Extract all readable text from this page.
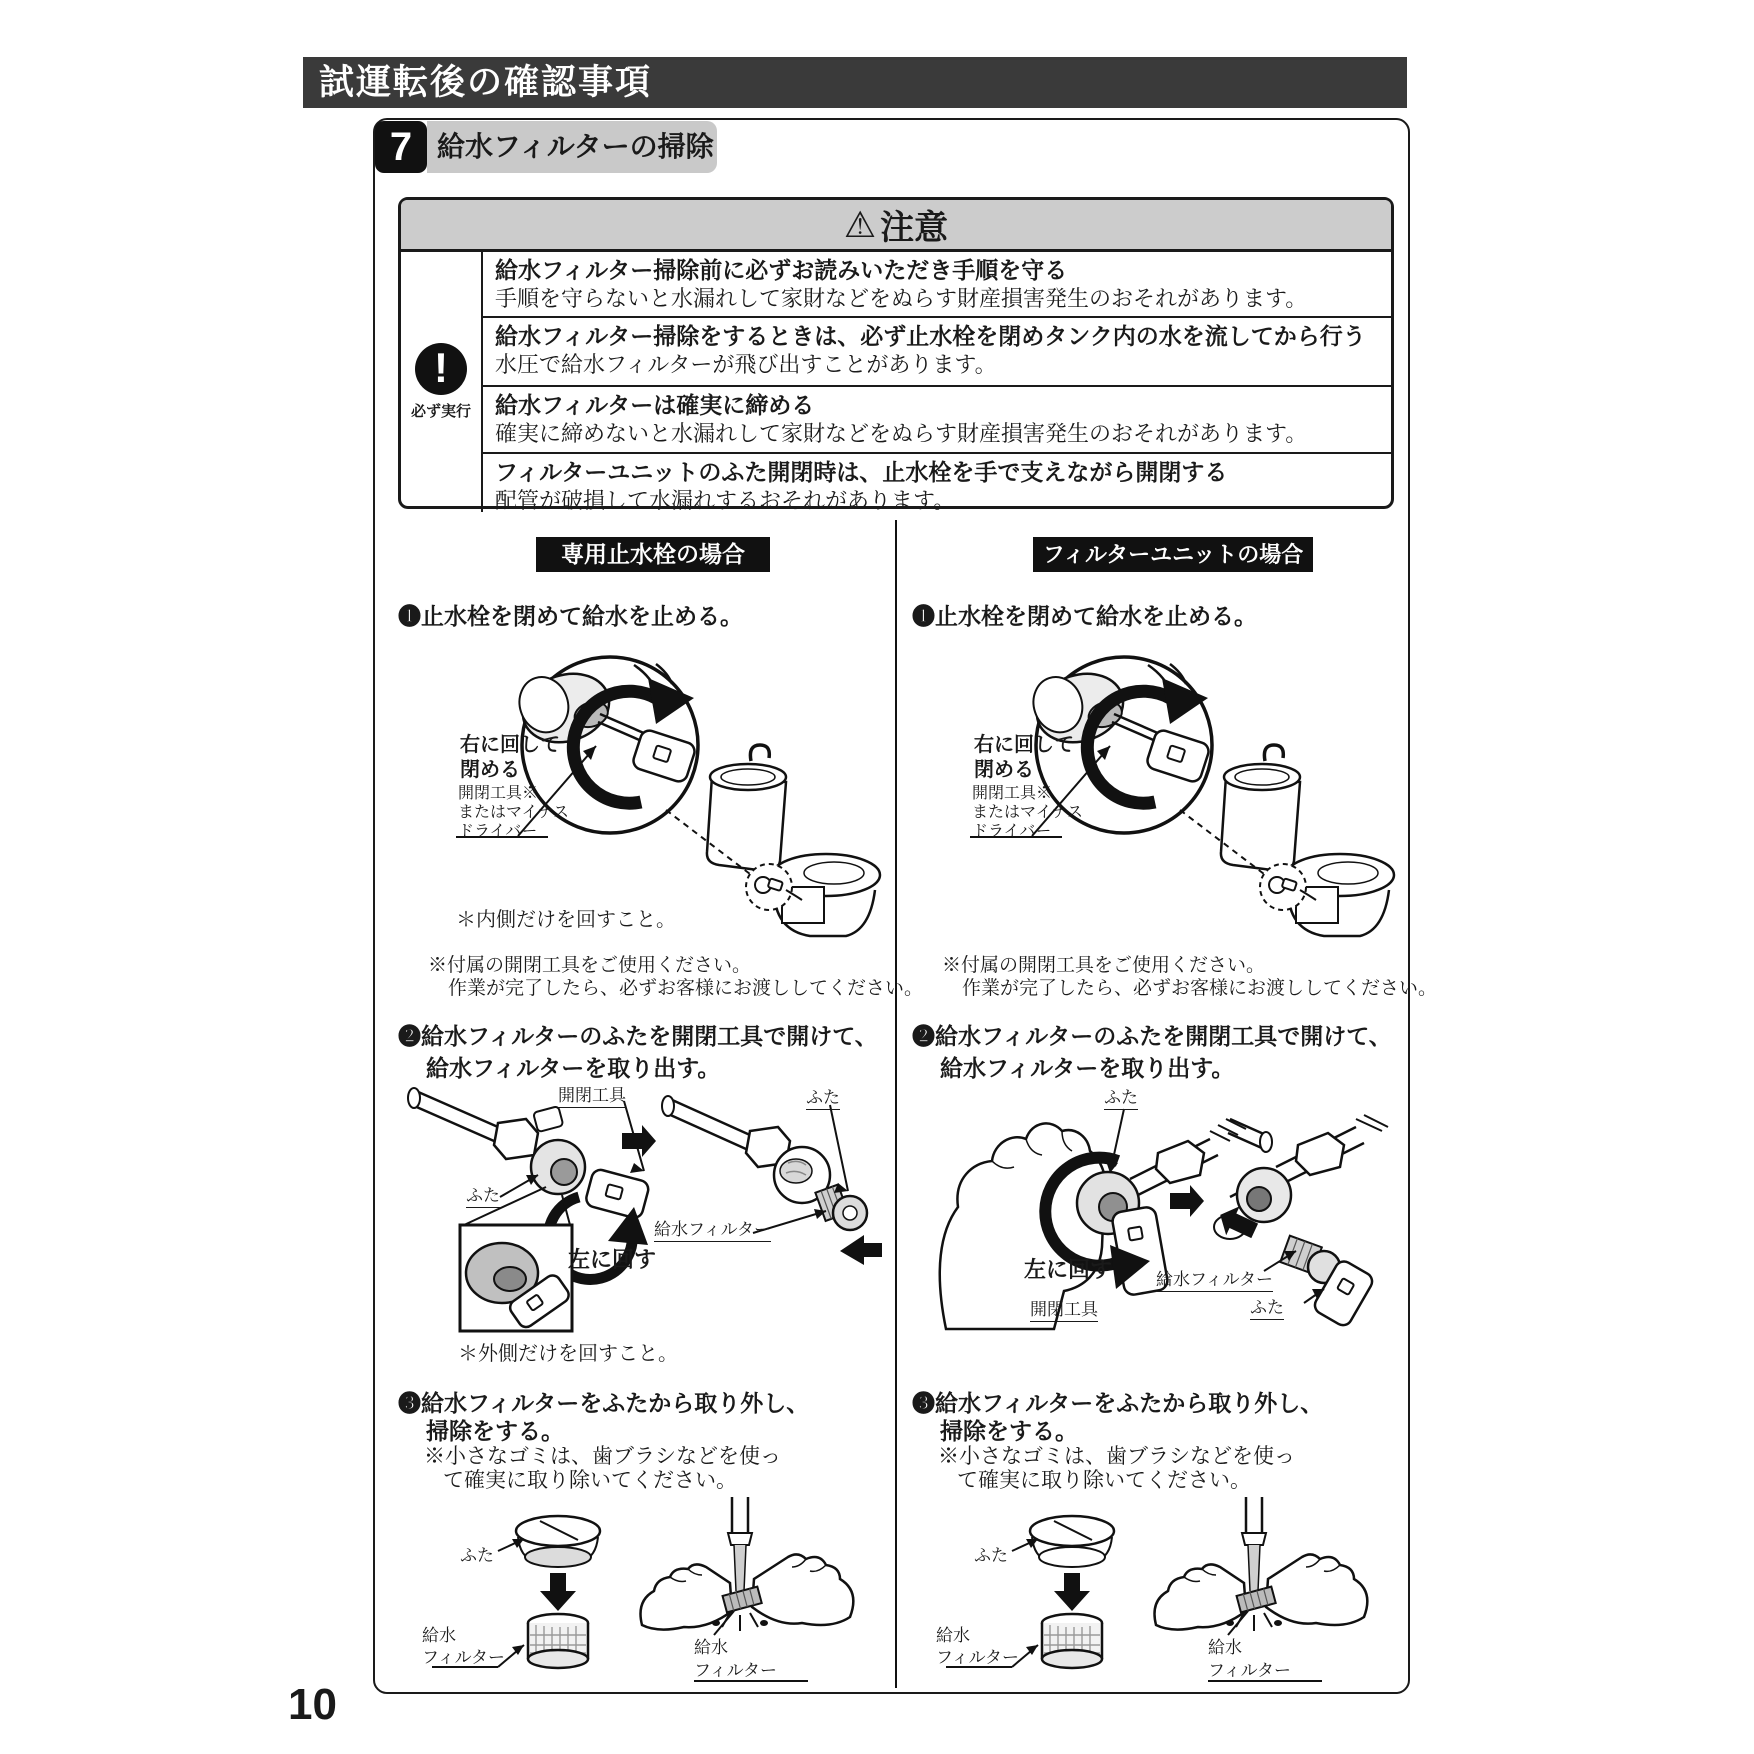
試運転後の確認事項
7 給水フィルターの掃除
⚠ 注意
!
必ず実行
給水フィルター掃除前に必ずお読みいただき手順を守る
手順を守らないと水漏れして家財などをぬらす財産損害発生のおそれがあります。
給水フィルター掃除をするときは、必ず止水栓を閉めタンク内の水を流してから行う
水圧で給水フィルターが飛び出すことがあります。
給水フィルターは確実に締める
確実に締めないと水漏れして家財などをぬらす財産損害発生のおそれがあります。
フィルターユニットのふた開閉時は、止水栓を手で支えながら開閉する
配管が破損して水漏れするおそれがあります。
専用止水栓の場合	フィルターユニットの場合
❶止水栓を閉めて給水を止める。
右に回して
閉める
開閉工具※
またはマイナス
ドライバー
＊内側だけを回すこと。
※付属の開閉工具をご使用ください。
作業が完了したら、必ずお客様にお渡ししてください。
❷給水フィルターのふたを開閉工具で開けて、
給水フィルターを取り出す。
開閉工具
ふた
左に回す
給水フィルター
ふた
＊外側だけを回すこと。
❸給水フィルターをふたから取り外し、
掃除をする。
※小さなゴミは、歯ブラシなどを使っ
て確実に取り除いてください。
ふた
給水
フィルター
給水
フィルター
❶止水栓を閉めて給水を止める。
右に回して
閉める
開閉工具※
またはマイナス
ドライバー
※付属の開閉工具をご使用ください。
作業が完了したら、必ずお客様にお渡ししてください。
❷給水フィルターのふたを開閉工具で開けて、
給水フィルターを取り出す。
ふた
左に回す
開閉工具
給水フィルター
ふた
❸給水フィルターをふたから取り外し、
掃除をする。
※小さなゴミは、歯ブラシなどを使っ
て確実に取り除いてください。
ふた
給水
フィルター
給水
フィルター
10
